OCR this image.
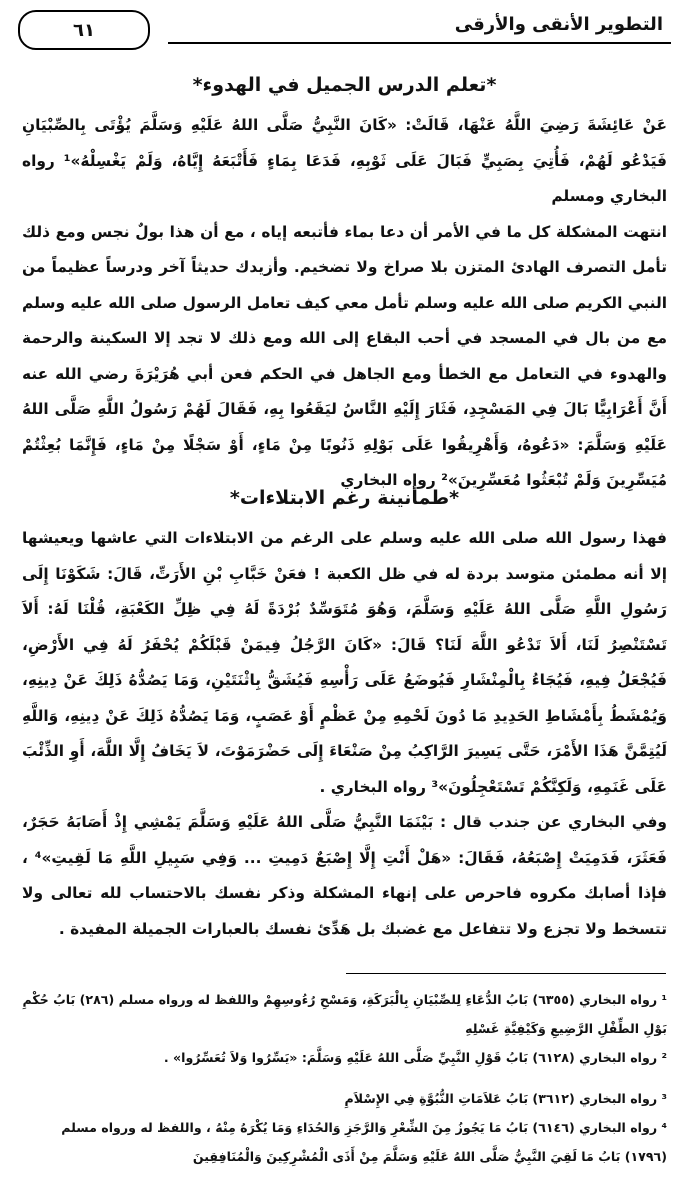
التطوير الأنقى والأرقى
٦١
*تعلم الدرس الجميل في الهدوء*

عَنْ عَائِشَةَ رَضِيَ اللَّهُ عَنْهَا، قَالَتْ: «كَانَ النَّبِيُّ صَلَّى اللهُ عَلَيْهِ وَسَلَّمَ يُؤْتَى بِالصِّبْيَانِ فَيَدْعُو لَهُمْ، فَأُتِيَ بِصَبِيٍّ فَبَالَ عَلَى ثَوْبِهِ، فَدَعَا بِمَاءٍ فَأَتْبَعَهُ إِيَّاهُ، وَلَمْ يَغْسِلْهُ»¹ رواه البخاري ومسلم

انتهت المشكلة كل ما في الأمر أن دعا بماء فأتبعه إياه ، مع أن هذا بولٌ نجس ومع ذلك تأمل التصرف الهادئ المتزن بلا صراخ ولا تضخيم. وأزيدك حديثاً آخر ودرساً عظيماً من النبي الكريم صلى الله عليه وسلم تأمل معي كيف تعامل الرسول صلى الله عليه وسلم مع من بال في المسجد في أحب البقاع إلى الله ومع ذلك لا تجد إلا السكينة والرحمة والهدوء في التعامل مع الخطأ ومع الجاهل في الحكم فعن أبي هُرَيْرَةَ رضي الله عنه أَنَّ أَعْرَابِيًّا بَالَ فِي المَسْجِدِ، فَثَارَ إِلَيْهِ النَّاسُ ليَقَعُوا بِهِ، فَقَالَ لَهُمْ رَسُولُ اللَّهِ صَلَّى اللهُ عَلَيْهِ وَسَلَّمَ: «دَعُوهُ، وَأَهْرِيقُوا عَلَى بَوْلِهِ ذَنُوبًا مِنْ مَاءٍ، أَوْ سَجْلًا مِنْ مَاءٍ، فَإِنَّمَا بُعِثْتُمْ مُيَسِّرِينَ وَلَمْ تُبْعَثُوا مُعَسِّرِينَ»² رواه البخاري

*طمأنينة رغم الابتلاءات*

فهذا رسول الله صلى الله عليه وسلم على الرغم من الابتلاءات التي عاشها ويعيشها إلا أنه مطمئن متوسد بردة له في ظل الكعبة ! فعَنْ خَبَّابِ بْنِ الأَرَتِّ، قَالَ: شَكَوْنَا إِلَى رَسُولِ اللَّهِ صَلَّى اللهُ عَلَيْهِ وَسَلَّمَ، وَهُوَ مُتَوَسِّدٌ بُرْدَةً لَهُ فِي ظِلِّ الكَعْبَةِ، قُلْنَا لَهُ: أَلاَ تَسْتَنْصِرُ لَنَا، أَلاَ تَدْعُو اللَّهَ لَنَا؟ قَالَ: «كَانَ الرَّجُلُ فِيمَنْ قَبْلَكُمْ يُحْفَرُ لَهُ فِي الأَرْضِ، فَيُجْعَلُ فِيهِ، فَيُجَاءُ بِالْمِنْشَارِ فَيُوضَعُ عَلَى رَأْسِهِ فَيُشَقُّ بِاثْنَتَيْنِ، وَمَا يَصُدُّهُ ذَلِكَ عَنْ دِينِهِ، وَيُمْشَطُ بِأَمْشَاطِ الحَدِيدِ مَا دُونَ لَحْمِهِ مِنْ عَظْمٍ أَوْ عَصَبٍ، وَمَا يَصُدُّهُ ذَلِكَ عَنْ دِينِهِ، وَاللَّهِ لَيُتِمَّنَّ هَذَا الأَمْرَ، حَتَّى يَسِيرَ الرَّاكِبُ مِنْ صَنْعَاءَ إِلَى حَضْرَمَوْتَ، لاَ يَخَافُ إِلَّا اللَّهَ، أَوِ الذِّئْبَ عَلَى غَنَمِهِ، وَلَكِنَّكُمْ تَسْتَعْجِلُونَ»³ رواه البخاري .

وفي البخاري عن جندب قال : بَيْنَمَا النَّبِيُّ صَلَّى اللهُ عَلَيْهِ وَسَلَّمَ يَمْشِي إِذْ أَصَابَهُ حَجَرٌ، فَعَثَرَ، فَدَمِيَتْ إِصْبَعُهُ، فَقَالَ: «هَلْ أَنْتِ إِلَّا إِصْبَعٌ دَمِيتِ ... وَفِي سَبِيلِ اللَّهِ مَا لَقِيتِ»⁴ ، فإذا أصابك مكروه فاحرص على إنهاء المشكلة وذكر نفسك بالاحتساب لله تعالى ولا تتسخط ولا تجزع ولا تتفاعل مع غضبك بل هَدِّئ نفسك بالعبارات الجميلة المفيدة .

¹ رواه البخاري (٦٣٥٥) بَابُ الدُّعَاءِ لِلصِّبْيَانِ بِالْبَرَكَةِ، وَمَسْحِ رُءُوسِهِمْ واللفظ له ورواه مسلم (٢٨٦) بَابُ حُكْمِ بَوْلِ الطِّفْلِ الرَّضِيعِ وَكَيْفِيَّةِ غَسْلِهِ

² رواه البخاري (٦١٢٨) بَابُ قَوْلِ النَّبِيِّ صَلَّى اللهُ عَلَيْهِ وَسَلَّمَ: «يَسِّرُوا وَلاَ تُعَسِّرُوا» .

³ رواه البخاري (٣٦١٢) بَابُ عَلاَمَاتِ النُّبُوَّةِ فِي الإِسْلاَمِ

⁴ رواه البخاري (٦١٤٦) بَابُ مَا يَجُوزُ مِنَ الشِّعْرِ وَالرَّجَزِ وَالحُدَاءِ وَمَا يُكْرَهُ مِنْهُ ، واللفظ له ورواه مسلم (١٧٩٦) بَابُ مَا لَقِيَ النَّبِيُّ صَلَّى اللهُ عَلَيْهِ وَسَلَّمَ مِنْ أَذَى الْمُشْرِكِينَ وَالْمُنَافِقِينَ
